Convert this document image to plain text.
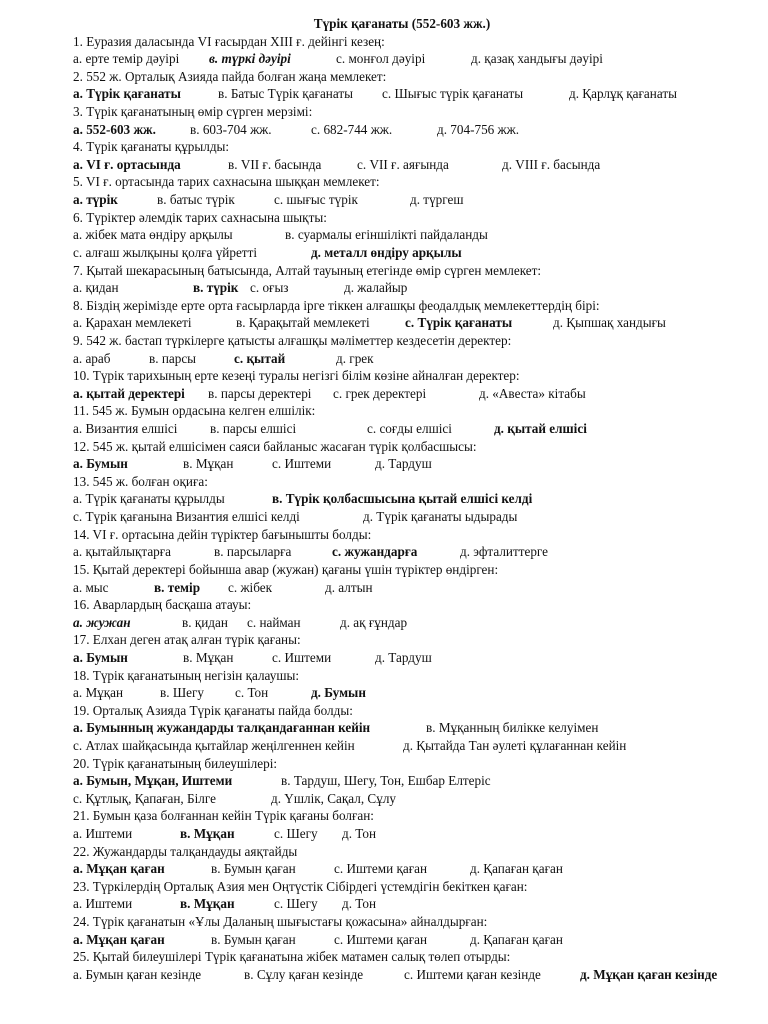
Түрік қағанаты (552-603 жж.)
1. Еуразия даласында VI ғасырдан XIII ғ. дейінгі кезең:
а. ерте темір дәуірі в. түркі дәуірі	с. монғол дәуірі	д. қазақ хандығы дәуірі
2. 552 ж. Орталық Азияда пайда болған жаңа мемлекет:
а. Түрік қағанаты	в. Батыс Түрік қағанаты с. Шығыс түрік қағанаты	д. Қарлұқ қағанаты
3. Түрік қағанатының өмір сүрген мерзімі:
а. 552-603 жж.	в. 603-704 жж.	с. 682-744 жж.	д. 704-756 жж.
4. Түрік қағанаты құрылды:
а. VI ғ. ортасында	в. VII ғ. басында	с. VII ғ. аяғында	д. VIII ғ. басында
5. VI ғ. ортасында тарих сахнасына шыққан мемлекет:
а. түрік	в. батыс түрік	с. шығыс түрік	д. түргеш
6. Түріктер әлемдік тарих сахнасына шықты:
а. жібек мата өндіру арқылы	в. суармалы егіншілікті пайдаланды
с. алғаш жылқыны қолға үйретті	д. металл өндіру арқылы
7. Қытай шекарасының батысында, Алтай тауының етегінде өмір сүрген мемлекет:
а. қидан	в. түрік с. оғыз	д. жалайыр
8. Біздің жерімізде ерте орта ғасырларда ірге тіккен алғашқы феодалдық мемлекеттердің бірі:
а. Қарахан мемлекеті	в. Қарақытай мемлекеті	с. Түрік қағанаты	д. Қыпшақ хандығы
9. 542 ж. бастап түркілерге қатысты алғашқы мәліметтер кездесетін деректер:
а. араб	в. парсы	с. қытай	д. грек
10. Түрік тарихының ерте кезеңі туралы негізгі білім көзіне айналған деректер:
а. қытай деректері в. парсы деректері с. грек деректері	д. «Авеста» кітабы
11. 545 ж. Бумын ордасына келген елшілік:
а. Византия елшісі в. парсы елшісі	с. соғды елшісі	д. қытай елшісі
12. 545 ж. қытай елшісімен саяси байланыс жасаған түрік қолбасшысы:
а. Бумын	в. Мұқан	с. Иштеми	д. Тардуш
13. 545 ж. болған оқиға:
а. Түрік қағанаты құрылды	в. Түрік қолбасшысына қытай елшісі келді
с. Түрік қағанына Византия елшісі келді	д. Түрік қағанаты ыдырады
14. VI ғ. ортасына дейін түріктер бағынышты болды:
а. қытайлықтарға	в. парсыларға	с. жужандарға	д. эфталиттерге
15. Қытай деректері бойынша авар (жужан) қағаны үшін түріктер өндірген:
а. мыс	в. темір с. жібек	д. алтын
16. Аварлардың басқаша атауы:
а. жужан	в. қидан с. найман	д. ақ ғұндар
17. Елхан деген атақ алған түрік қағаны:
а. Бумын	в. Мұқан	с. Иштеми	д. Тардуш
18. Түрік қағанатының негізін қалаушы:
а. Мұқан	в. Шегу с. Тон	д. Бумын
19. Орталық Азияда Түрік қағанаты пайда болды:
а. Бумынның жужандарды талқандағаннан кейін	в. Мұқанның билікке келуімен
с. Атлах шайқасында қытайлар жеңілгеннен кейін	д. Қытайда Тан әулеті құлағаннан кейін
20. Түрік қағанатының билеушілері:
а. Бумын, Мұқан, Иштеми	в. Тардуш, Шегу, Тон, Ешбар Елтеріс
с. Құтлық, Қапаған, Білге	д. Үшлік, Сақал, Сұлу
21. Бумын қаза болғаннан кейін Түрік қағаны болған:
а. Иштеми	в. Мұқан	с. Шегу д. Тон
22. Жужандарды талқандауды аяқтайды
а. Мұқан қаған	в. Бумын қаған	с. Иштеми қаған	д. Қапаған қаған
23. Түркілердің Орталық Азия мен Оңтүстік Сібірдегі үстемдігін бекіткен қаған:
а. Иштеми	в. Мұқан	с. Шегу д. Тон
24. Түрік қағанатын «Ұлы Даланың шығыстағы қожасына» айналдырған:
а. Мұқан қаған	в. Бумын қаған	с. Иштеми қаған	д. Қапаған қаған
25. Қытай билеушілері Түрік қағанатына жібек матамен салық төлеп отырды:
а. Бумын қаған кезінде	в. Сұлу қаған кезінде	с. Иштеми қаған кезінде	д. Мұқан қаған кезінде
